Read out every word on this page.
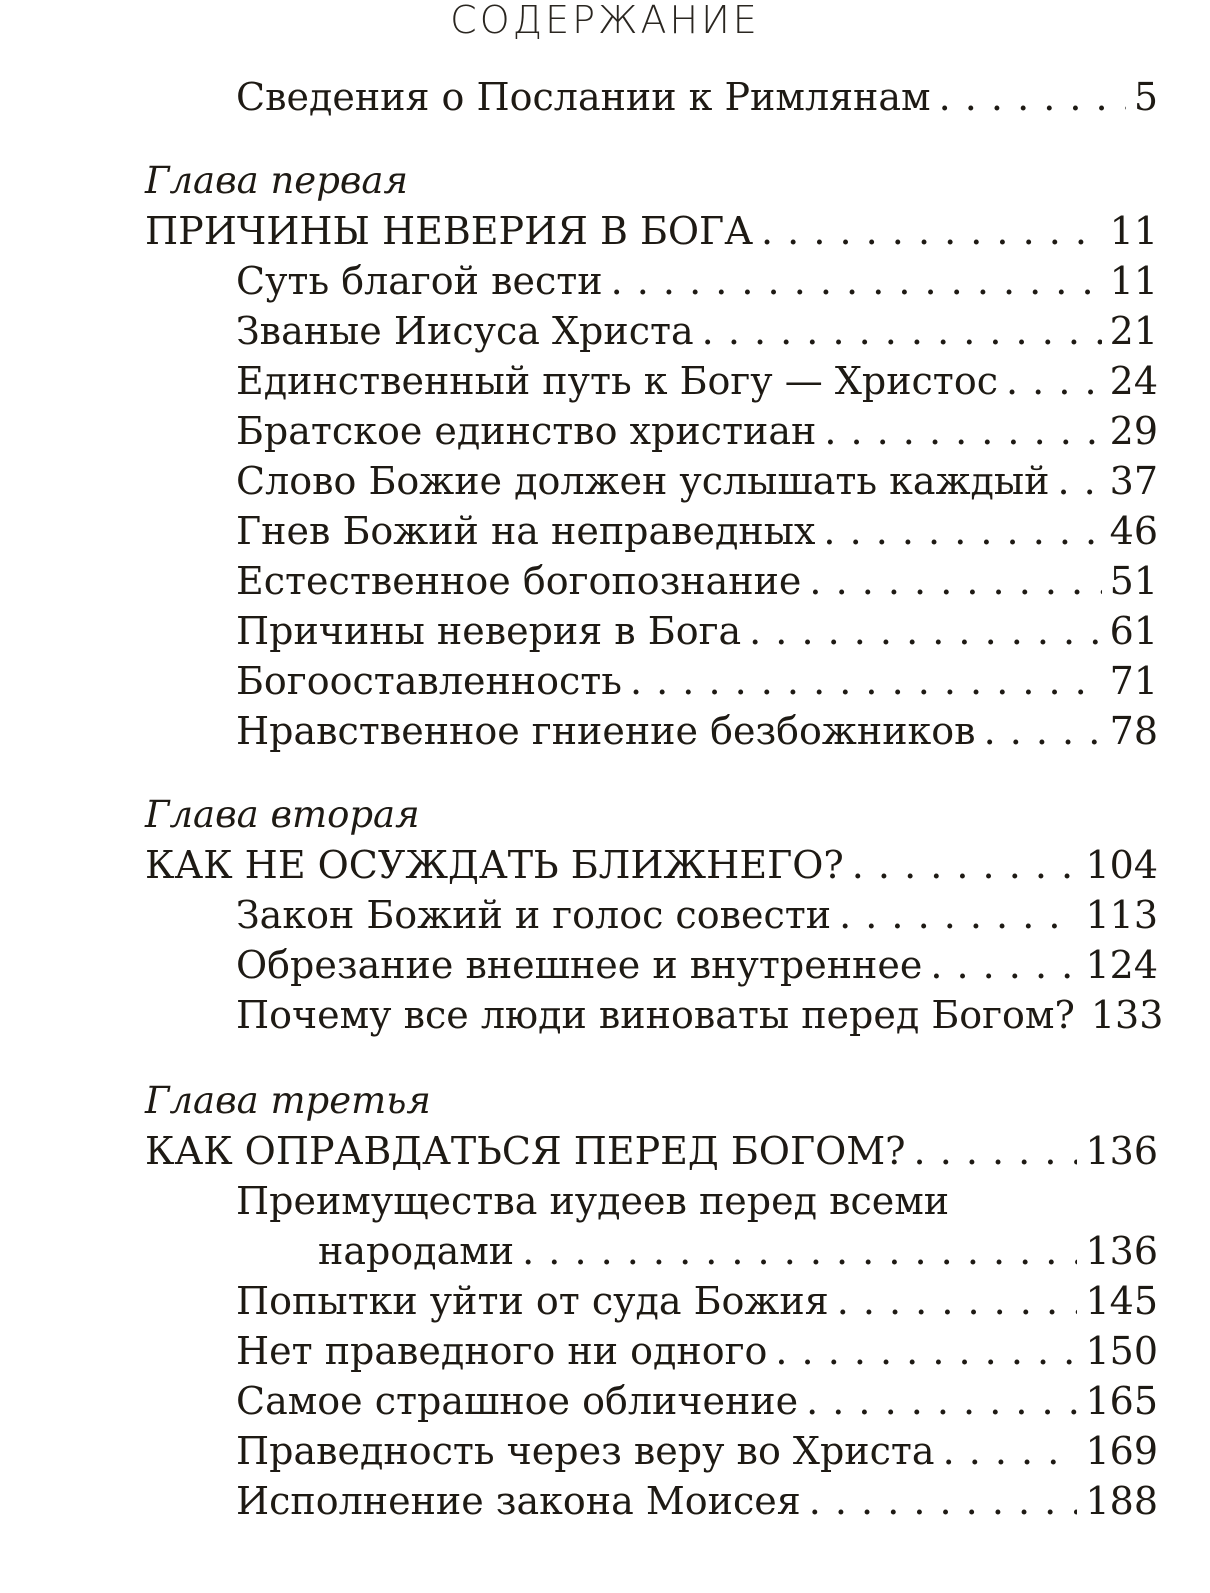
СОДЕРЖАНИЕ
Сведения о Послании к Римлянам . . .	5
Глава первая
ПРИЧИНЫ НЕВЕРИЯ В БОГА . . .	11
Суть благой вести . . .	11
Званые Иисуса Христа . . .	21
Единственный путь к Богу — Христос . . .	24
Братское единство христиан . . .	29
Слово Божие должен услышать каждый . . . 37
Гнев Божий на неправедных . . .	46
Естественное богопознание . . .	51
Причины неверия в Бога . . .	61
Богооставленность . . .	71
Нравственное гниение безбожников . . .	78
Глава вторая
КАК НЕ ОСУЖДАТЬ БЛИЖНЕГО? . . .	104
Закон Божий и голос совести . . .	113
Обрезание внешнее и внутреннее . . .	124
Почему все люди виноваты перед Богом? 133
Глава третья
КАК ОПРАВДАТЬСЯ ПЕРЕД БОГОМ? . . .	136
Преимущества иудеев перед всеми
народами . . .	136
Попытки уйти от суда Божия . . .	145
Нет праведного ни одного . . .	150
Самое страшное обличение . . .	165
Праведность через веру во Христа . . .	169
Исполнение закона Моисея . . .	188
